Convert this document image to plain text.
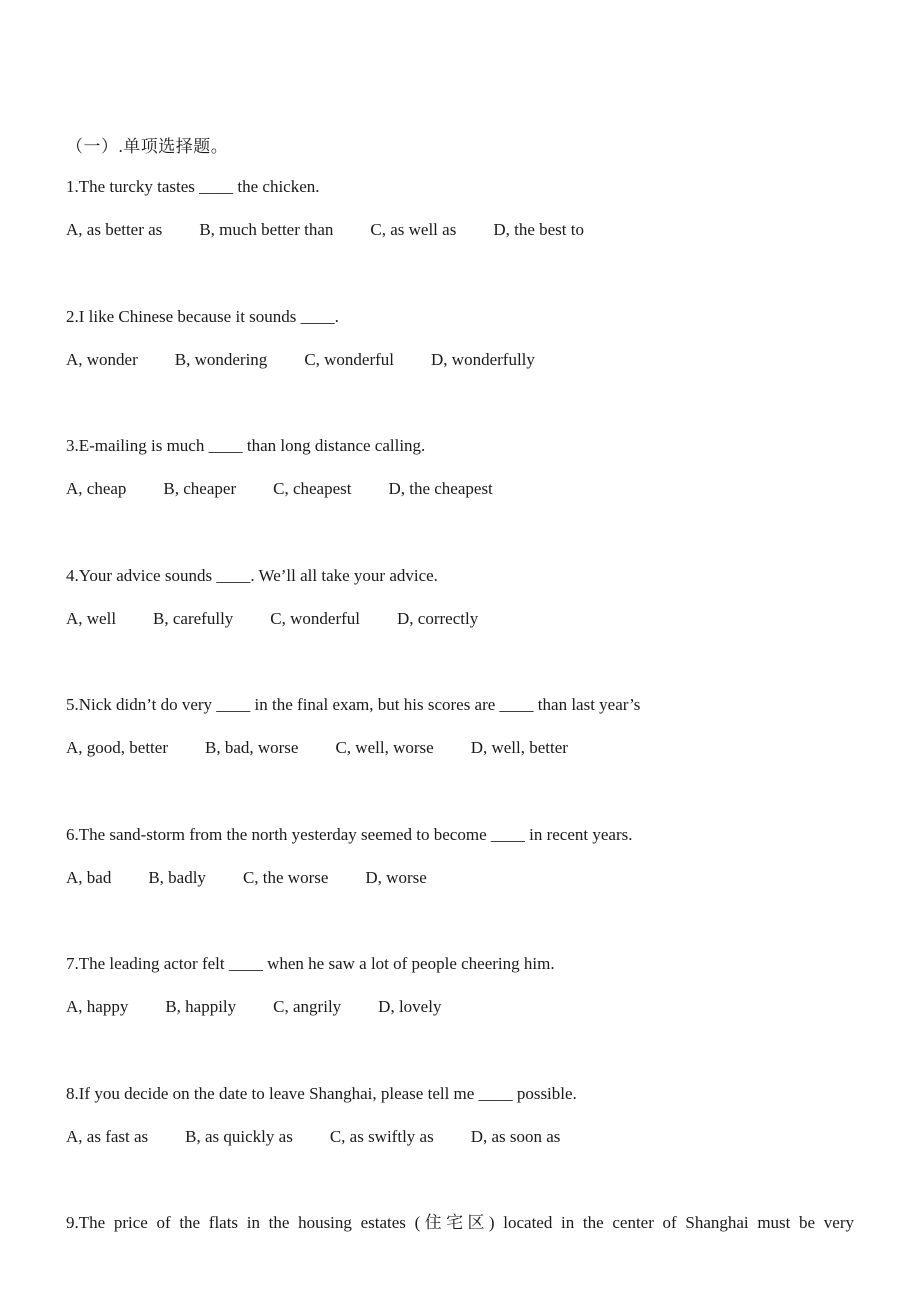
（一）.单项选择题。
1.The turcky tastes ____ the chicken.
A, as better as B, much better than C, as well as D, the best to
2.I like Chinese because it sounds ____.
A, wonder B, wondering C, wonderful D, wonderfully
3.E-mailing is much ____ than long distance calling.
A, cheap B, cheaper C, cheapest D, the cheapest
4.Your advice sounds ____. We’ll all take your advice.
A, well B, carefully C, wonderful D, correctly
5.Nick didn’t do very ____ in the final exam, but his scores are ____ than last year’s
A, good, better B, bad, worse C, well, worse D, well, better
6.The sand-storm from the north yesterday seemed to become ____ in recent years.
A, bad B, badly C, the worse D, worse
7.The leading actor felt ____ when he saw a lot of people cheering him.
A, happy B, happily C, angrily D, lovely
8.If you decide on the date to leave Shanghai, please tell me ____ possible.
A, as fast as B, as quickly as C, as swiftly as D, as soon as
9.The price of the flats in the housing estates (住宅区) located in the center of Shanghai must be very
